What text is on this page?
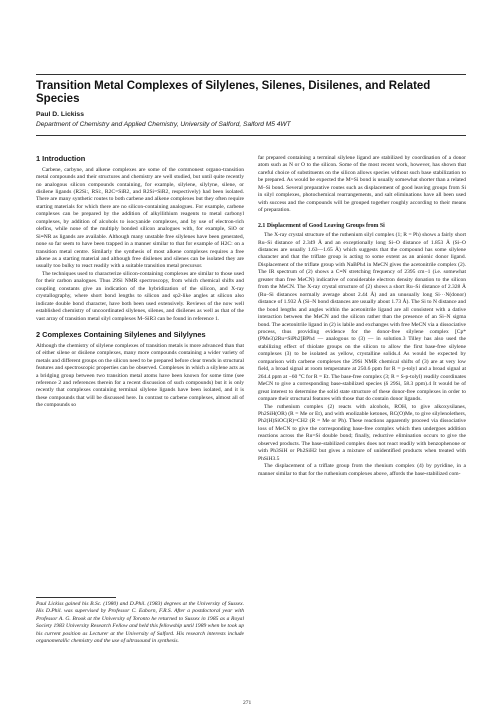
Transition Metal Complexes of Silylenes, Silenes, Disilenes, and Related Species
Paul D. Lickiss
Department of Chemistry and Applied Chemistry, University of Salford, Salford M5 4WT
1 Introduction

Carbene, carbyne, and alkene complexes are some of the commonest organo-transition metal compounds and their structures and chemistry are well studied, but until quite recently no analogous silicon compounds containing, for example, silylene, silylyne, silene, or disilene ligands (R2Si:, RSi:, R2C=SiR2, and R2Si=SiR2, respectively) had been isolated. There are many synthetic routes to both carbene and alkene complexes but they often require starting materials for which there are no silicon-containing analogues. For example, carbene complexes can be prepared by the addition of alkyllithium reagents to metal carbonyl complexes, by addition of alcohols to isocyanide complexes, and by use of electron-rich olefins, while none of the multiply bonded silicon analogues with, for example, SiO or Si≡NR as ligands are available. Although many unstable free silylenes have been generated, none so far seem to have been trapped in a manner similar to that for example of H2C: on a transition metal centre. Similarly the synthesis of most alkene complexes requires a free alkene as a starting material and although free disilenes and silenes can be isolated they are usually too bulky to react readily with a suitable transition metal precursor.

The techniques used to characterize silicon-containing complexes are similar to those used for their carbon analogues. Thus 29Si NMR spectroscopy, from which chemical shifts and coupling constants give an indication of the hybridization of the silicon, and X-ray crystallography, where short bond lengths to silicon and sp2-like angles at silicon also indicate double bond character, have both been used extensively. Reviews of the now well established chemistry of uncoordinated silylenes, silenes, and disilenes as well as that of the vast array of transition metal silyl complexes M–SiR3 can be found in reference 1.

2 Complexes Containing Silylenes and Silylynes

Although the chemistry of silylene complexes of transition metals is more advanced than that of either silene or disilene complexes, many more compounds containing a wider variety of metals and different groups on the silicon need to be prepared before clear trends in structural features and spectroscopic properties can be observed. Complexes in which a silylene acts as a bridging group between two transition metal atoms have been known for some time (see reference 2 and references therein for a recent discussion of such compounds) but it is only recently that complexes containing terminal silylene ligands have been isolated, and it is these compounds that will be discussed here. In contrast to carbene complexes, almost all of the compounds so

Paul Lickiss gained his B.Sc. (1980) and D.Phil. (1983) degrees at the University of Sussex. His D.Phil. was supervised by Professor C. Eaborn, F.R.S. After a postdoctoral year with Professor A. G. Brook at the University of Toronto he returned to Sussex in 1985 as a Royal Society 1983 University Research Fellow and held this fellowship until 1989 when he took up his current position as Lecturer at the University of Salford. His research interests include organometallic chemistry and the use of ultrasound in synthesis.

far prepared containing a terminal silylene ligand are stabilized by coordination of a donor atom such as N or O to the silicon. Some of the most recent work, however, has shown that careful choice of substituents on the silicon allows species without such base stabilization to be prepared. As would be expected the M=Si bond is usually somewhat shorter than a related M–Si bond. Several preparative routes such as displacement of good leaving groups from Si in silyl complexes, photochemical rearrangements, and salt eliminations have all been used with success and the compounds will be grouped together roughly according to their means of preparation.

2.1 Displacement of Good Leaving Groups from Si

The X-ray crystal structure of the ruthenium silyl complex (1; R = Ph) shows a fairly short Ru–Si distance of 2.349 Å and an exceptionally long Si–O distance of 1.853 Å (Si–O distances are usually 1.63—1.65 Å) which suggests that the compound has some silylene character and that the triflate group is acting to some extent as an anionic donor ligand. Displacement of the triflate group with NaBPh4 in MeCN gives the acetonitrile complex (2). The IR spectrum of (2) shows a C≡N stretching frequency of 2395 cm−1 (i.e. somewhat greater than free MeCN) indicative of considerable electron density donation to the silicon from the MeCN. The X-ray crystal structure of (2) shows a short Ru–Si distance of 2.328 Å (Ru–Si distances normally average about 2.44 Å) and an unusually long Si···N(donor) distance of 1.932 Å (Si–N bond distances are usually about 1.73 Å). The Si to N distance and the bond lengths and angles within the acetonitrile ligand are all consistent with a dative interaction between the MeCN and the silicon rather than the presence of an Si–N sigma bond. The acetonitrile ligand in (2) is labile and exchanges with free MeCN via a dissociative process, thus providing evidence for the donor-free silylene complex [Cp*(PMe3)2Ru=SiPh2]BPh4 — analogous to (3) — in solution.3 Tilley has also used the stabilizing effect of thiolate groups on the silicon to allow the first base-free silylene complexes (3) to be isolated as yellow, crystalline solids.4 As would be expected by comparison with carbene complexes the 29Si NMR chemical shifts of (3) are at very low field, a broad signal at room temperature at 250.6 ppm for R = p-tolyl and a broad signal at 264.4 ppm at −60 °C for R = Et. The base-free complex (3; R = S-p-tolyl) readily coordinates MeCN to give a corresponding base-stabilized species (δ 29Si, 58.3 ppm).4 It would be of great interest to determine the solid state structure of these donor-free complexes in order to compare their structural features with those that do contain donor ligands.

The ruthenium complex (2) reacts with alcohols, ROH, to give alkoxysilanes, Ph2SiH(OR) (R = Me or Et), and with enolizable ketones, RC(O)Me, to give silylenolethers, Ph2(H)SiOC(R)=CH2 (R = Me or Ph). These reactions apparently proceed via dissociative loss of MeCN to give the corresponding base-free complex which then undergoes addition reactions across the Ru=Si double bond; finally, reductive elimination occurs to give the observed products. The base-stabilized complex does not react readily with benzophenone or with Ph3SiH or Ph2SiH2 but gives a mixture of unidentified products when treated with PhSiH3.5

The displacement of a triflate group from the rhenium complex (4) by pyridine, in a manner similar to that for the ruthenium complexes above, affords the base-stabilized com-

271
